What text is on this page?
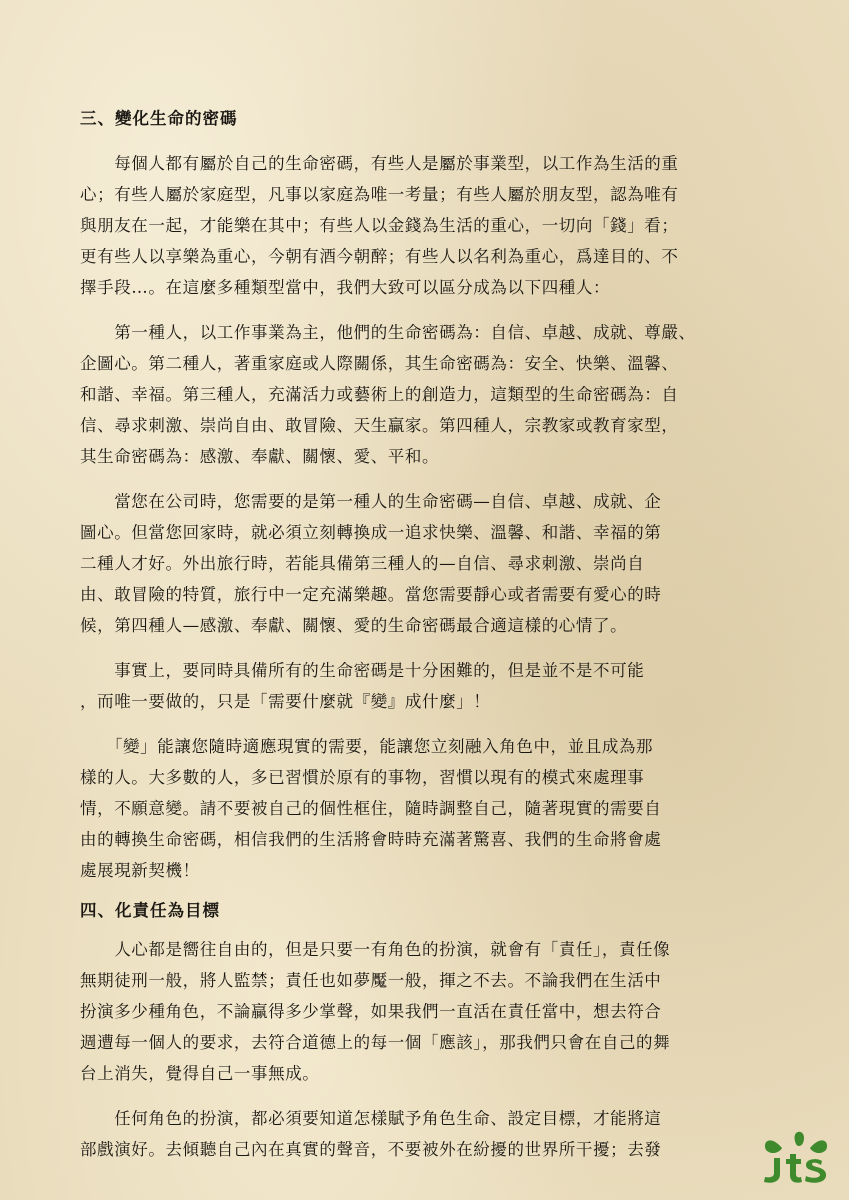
三、變化生命的密碼
　　每個人都有屬於自己的生命密碼，有些人是屬於事業型，以工作為生活的重
心；有些人屬於家庭型，凡事以家庭為唯一考量；有些人屬於朋友型，認為唯有
與朋友在一起，才能樂在其中；有些人以金錢為生活的重心，一切向「錢」看；
更有些人以享樂為重心，今朝有酒今朝醉；有些人以名利為重心，爲達目的、不
擇手段…。在這麼多種類型當中，我們大致可以區分成為以下四種人：
　　第一種人，以工作事業為主，他們的生命密碼為：自信、卓越、成就、尊嚴、
企圖心。第二種人，著重家庭或人際關係，其生命密碼為：安全、快樂、溫馨、
和諧、幸福。第三種人，充滿活力或藝術上的創造力，這類型的生命密碼為：自
信、尋求刺激、崇尚自由、敢冒險、天生贏家。第四種人，宗教家或教育家型，
其生命密碼為：感激、奉獻、關懷、愛、平和。
　　當您在公司時，您需要的是第一種人的生命密碼—自信、卓越、成就、企
圖心。但當您回家時，就必須立刻轉換成一追求快樂、溫馨、和諧、幸福的第
二種人才好。外出旅行時，若能具備第三種人的—自信、尋求刺激、崇尚自
由、敢冒險的特質，旅行中一定充滿樂趣。當您需要靜心或者需要有愛心的時
候，第四種人—感激、奉獻、關懷、愛的生命密碼最合適這樣的心情了。
　　事實上，要同時具備所有的生命密碼是十分困難的，但是並不是不可能
，而唯一要做的，只是「需要什麼就『變』成什麼」！
　　「變」能讓您隨時適應現實的需要，能讓您立刻融入角色中，並且成為那
樣的人。大多數的人，多已習慣於原有的事物，習慣以現有的模式來處理事
情，不願意變。請不要被自己的個性框住，隨時調整自己，隨著現實的需要自
由的轉換生命密碼，相信我們的生活將會時時充滿著驚喜、我們的生命將會處
處展現新契機！
四、化責任為目標
　　人心都是嚮往自由的，但是只要一有角色的扮演，就會有「責任」，責任像
無期徒刑一般，將人監禁；責任也如夢魘一般，揮之不去。不論我們在生活中
扮演多少種角色，不論贏得多少掌聲，如果我們一直活在責任當中，想去符合
週遭每一個人的要求，去符合道德上的每一個「應該」，那我們只會在自己的舞
台上消失，覺得自己一事無成。
　　任何角色的扮演，都必須要知道怎樣賦予角色生命、設定目標，才能將這
部戲演好。去傾聽自己內在真實的聲音，不要被外在紛擾的世界所干擾；去發
